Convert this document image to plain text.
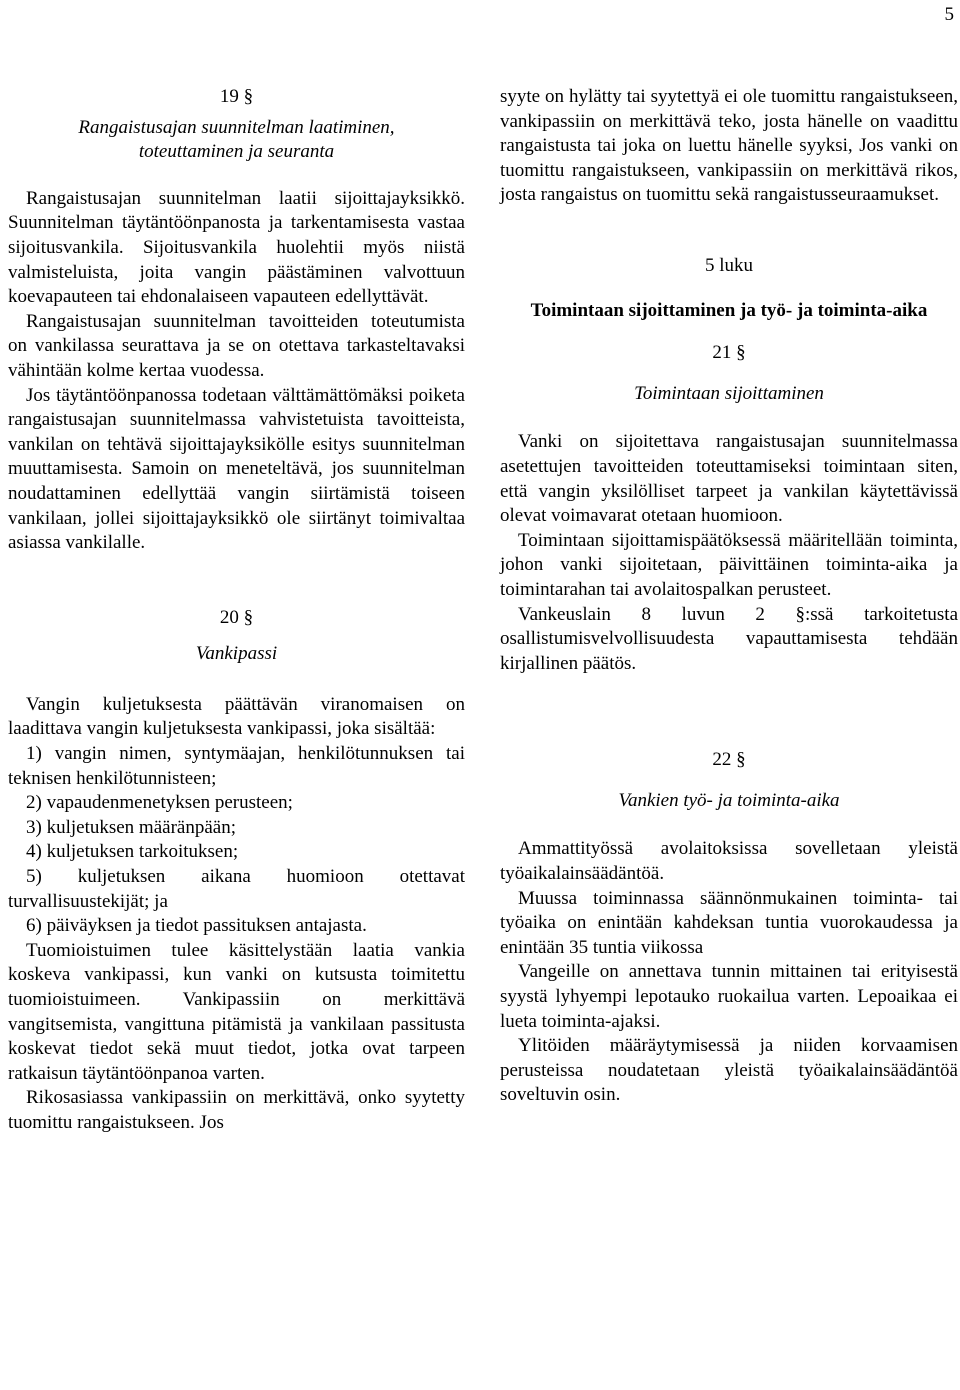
5

19 §

Rangaistusajan suunnitelman laatiminen,

toteuttaminen ja seuranta

Rangaistusajan suunnitelman laatii sijoittajayksikkö. Suunnitelman täytäntöönpanosta ja tarkentamisesta vastaa sijoitusvankila. Sijoitusvankila huolehtii myös niistä valmisteluista, joita vangin päästäminen valvottuun koevapauteen tai ehdonalaiseen vapauteen edellyttävät.

Rangaistusajan suunnitelman tavoitteiden toteutumista on vankilassa seurattava ja se on otettava tarkasteltavaksi vähintään kolme kertaa vuodessa.

Jos täytäntöönpanossa todetaan välttämättömäksi poiketa rangaistusajan suunnitelmassa vahvistetuista tavoitteista, vankilan on tehtävä sijoittajayksikölle esitys suunnitelman muuttamisesta. Samoin on meneteltävä, jos suunnitelman noudattaminen edellyttää vangin siirtämistä toiseen vankilaan, jollei sijoittajayksikkö ole siirtänyt toimivaltaa asiassa vankilalle.

20 §

Vankipassi

Vangin kuljetuksesta päättävän viranomaisen on laadittava vangin kuljetuksesta vankipassi, joka sisältää:

1) vangin nimen, syntymäajan, henkilötunnuksen tai teknisen henkilötunnisteen;

2) vapaudenmenetyksen perusteen;

3) kuljetuksen määränpään;

4) kuljetuksen tarkoituksen;

5) kuljetuksen aikana huomioon otettavat turvallisuustekijät; ja

6) päiväyksen ja tiedot passituksen antajasta.

Tuomioistuimen tulee käsittelystään laatia vankia koskeva vankipassi, kun vanki on kutsusta toimitettu tuomioistuimeen. Vankipassiin on merkittävä vangitsemista, vangittuna pitämistä ja vankilaan passitusta koskevat tiedot sekä muut tiedot, jotka ovat tarpeen ratkaisun täytäntöönpanoa varten.

Rikosasiassa vankipassiin on merkittävä, onko syytetty tuomittu rangaistukseen. Jos

syyte on hylätty tai syytettyä ei ole tuomittu rangaistukseen, vankipassiin on merkittävä teko, josta hänelle on vaadittu rangaistusta tai joka on luettu hänelle syyksi, Jos vanki on tuomittu rangaistukseen, vankipassiin on merkittävä rikos, josta rangaistus on tuomittu sekä rangaistusseuraamukset.

5 luku

Toimintaan sijoittaminen ja työ- ja toiminta-aika

21 §

Toimintaan sijoittaminen

Vanki on sijoitettava rangaistusajan suunnitelmassa asetettujen tavoitteiden toteuttamiseksi toimintaan siten, että vangin yksilölliset tarpeet ja vankilan käytettävissä olevat voimavarat otetaan huomioon.

Toimintaan sijoittamispäätöksessä määritellään toiminta, johon vanki sijoitetaan, päivittäinen toiminta-aika ja toimintarahan tai avolaitospalkan perusteet.

Vankeuslain 8 luvun 2 §:ssä tarkoitetusta osallistumisvelvollisuudesta vapauttamisesta tehdään kirjallinen päätös.

22 §

Vankien työ- ja toiminta-aika

Ammattityössä avolaitoksissa sovelletaan yleistä työaikalainsäädäntöä.

Muussa toiminnassa säännönmukainen toiminta- tai työaika on enintään kahdeksan tuntia vuorokaudessa ja enintään 35 tuntia viikossa

Vangeille on annettava tunnin mittainen tai erityisestä syystä lyhyempi lepotauko ruokailua varten. Lepoaikaa ei lueta toiminta-ajaksi.

Ylitöiden määräytymisessä ja niiden korvaamisen perusteissa noudatetaan yleistä työaikalainsäädäntöä soveltuvin osin.
